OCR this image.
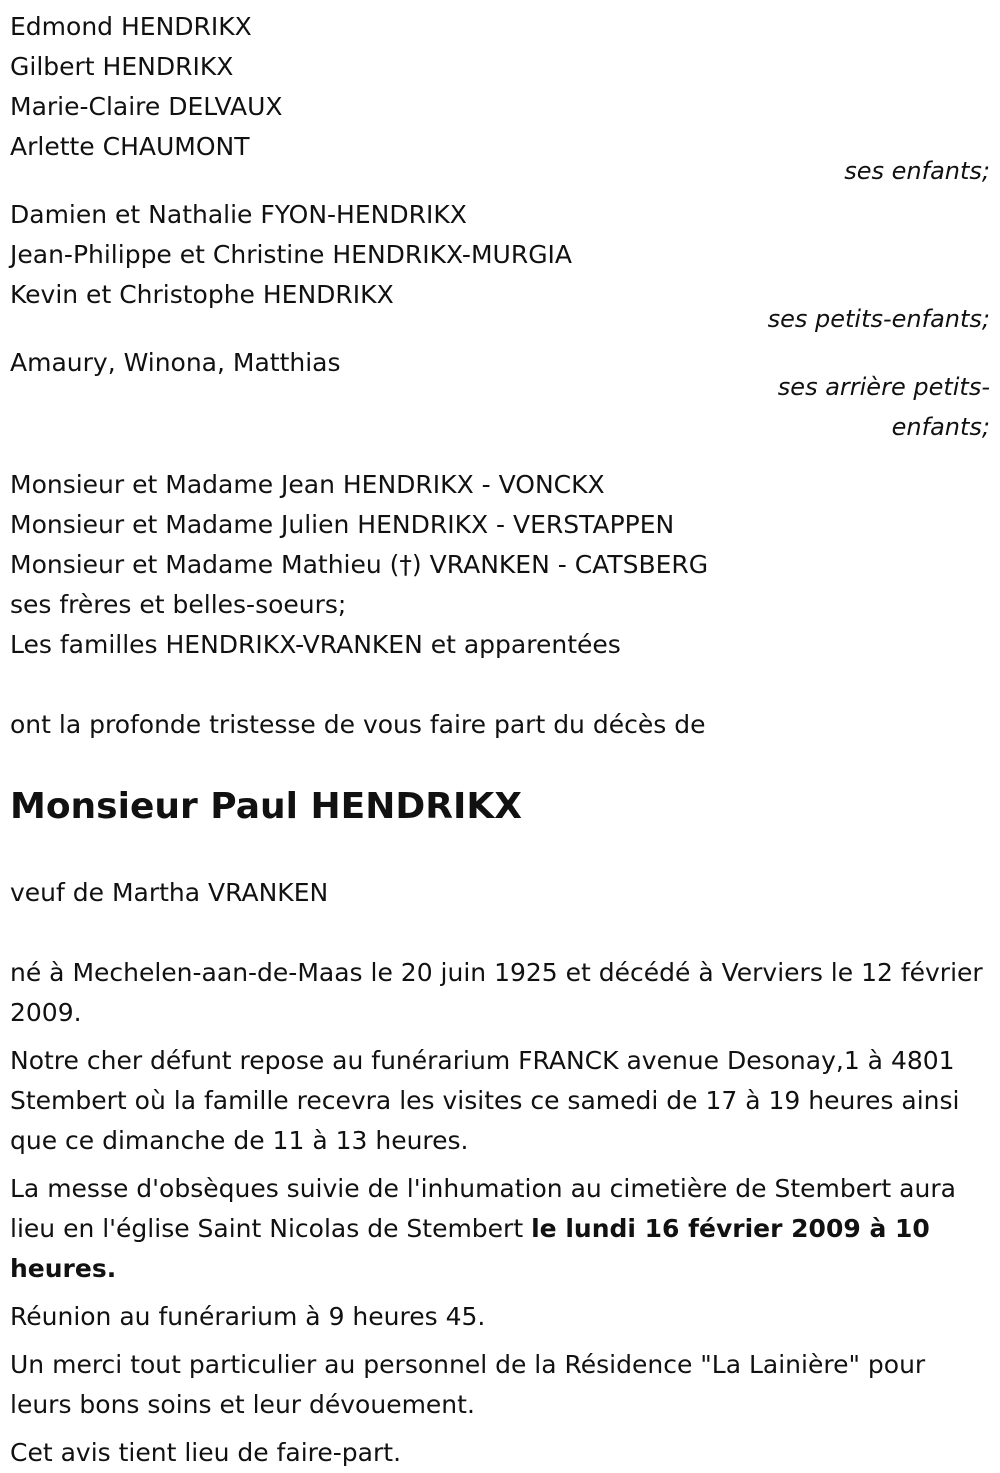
Edmond HENDRIKX
Gilbert HENDRIKX
Marie-Claire DELVAUX
Arlette CHAUMONT
ses enfants;
Damien et Nathalie FYON-HENDRIKX
Jean-Philippe et Christine HENDRIKX-MURGIA
Kevin et Christophe HENDRIKX
ses petits-enfants;
Amaury, Winona, Matthias
ses arrière petits-
enfants;
Monsieur et Madame Jean HENDRIKX - VONCKX
Monsieur et Madame Julien HENDRIKX - VERSTAPPEN
Monsieur et Madame Mathieu (†) VRANKEN - CATSBERG
ses frères et belles-soeurs;
Les familles HENDRIKX-VRANKEN et apparentées
ont la profonde tristesse de vous faire part du décès de
Monsieur Paul HENDRIKX
veuf de Martha VRANKEN

né à Mechelen-aan-de-Maas le 20 juin 1925 et décédé à Verviers le 12 février 2009.

Notre cher défunt repose au funérarium FRANCK avenue Desonay,1 à 4801 Stembert où la famille recevra les visites ce samedi de 17 à 19 heures ainsi que ce dimanche de 11 à 13 heures.

La messe d'obsèques suivie de l'inhumation au cimetière de Stembert aura lieu en l'église Saint Nicolas de Stembert le lundi 16 février 2009 à 10 heures.

Réunion au funérarium à 9 heures 45.

Un merci tout particulier au personnel de la Résidence "La Lainière" pour leurs bons soins et leur dévouement.

Cet avis tient lieu de faire-part.
